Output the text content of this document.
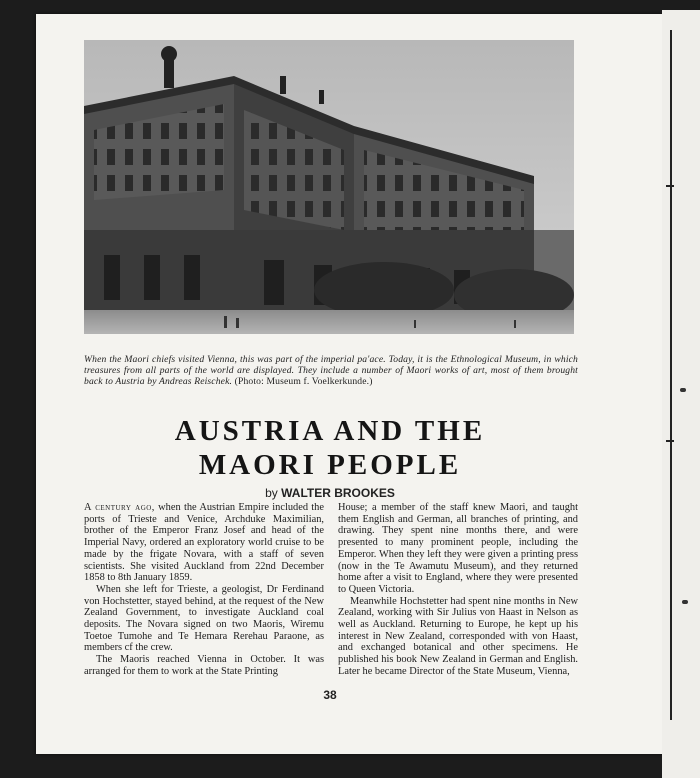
When the Maori chiefs visited Vienna, this was part of the imperial pa'ace. Today, it is the Ethnological Museum, in which treasures from all parts of the world are displayed. They include a number of Maori works of art, most of them brought back to Austria by Andreas Reischek. (Photo: Museum f. Voelkerkunde.)
AUSTRIA AND THE
MAORI PEOPLE
by WALTER BROOKES

A century ago, when the Austrian Empire included the ports of Trieste and Venice, Archduke Maximilian, brother of the Emperor Franz Josef and head of the Imperial Navy, ordered an exploratory world cruise to be made by the frigate Novara, with a staff of seven scientists. She visited Auckland from 22nd December 1858 to 8th January 1859.

When she left for Trieste, a geologist, Dr Ferdinand von Hochstetter, stayed behind, at the request of the New Zealand Government, to investigate Auckland coal deposits. The Novara signed on two Maoris, Wiremu Toetoe Tumohe and Te Hemara Rerehau Paraone, as members cf the crew.

The Maoris reached Vienna in October. It was arranged for them to work at the State Printing

House; a member of the staff knew Maori, and taught them English and German, all branches of printing, and drawing. They spent nine months there, and were presented to many prominent people, including the Emperor. When they left they were given a printing press (now in the Te Awamutu Museum), and they returned home after a visit to England, where they were presented to Queen Victoria.

Meanwhile Hochstetter had spent nine months in New Zealand, working with Sir Julius von Haast in Nelson as well as Auckland. Returning to Europe, he kept up his interest in New Zealand, corresponded with von Haast, and exchanged botanical and other specimens. He published his book New Zealand in German and English. Later he became Director of the State Museum, Vienna,

38
